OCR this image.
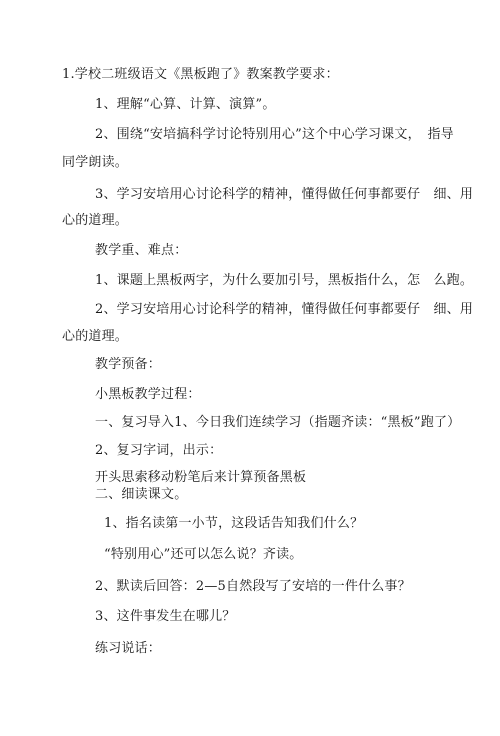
1.学校二班级语文《黑板跑了》教案教学要求：
1、理解“心算、计算、演算”。
2、围绕“安培搞科学讨论特别用心”这个中心学习课文，　指导
同学朗读。
3、学习安培用心讨论科学的精神，懂得做任何事都要仔　细、用
心的道理。
教学重、难点：
1、课题上黑板两字，为什么要加引号，黑板指什么，怎　么跑。
2、学习安培用心讨论科学的精神，懂得做任何事都要仔　细、用
心的道理。
教学预备：
小黑板教学过程：
一、复习导入1、今日我们连续学习（指题齐读：“黑板”跑了）
2、复习字词，出示：
开头思索移动粉笔后来计算预备黑板
二、细读课文。
1、指名读第一小节，这段话告知我们什么？
“特别用心”还可以怎么说？齐读。
2、默读后回答：2—5自然段写了安培的一件什么事？
3、这件事发生在哪儿？
练习说话：
